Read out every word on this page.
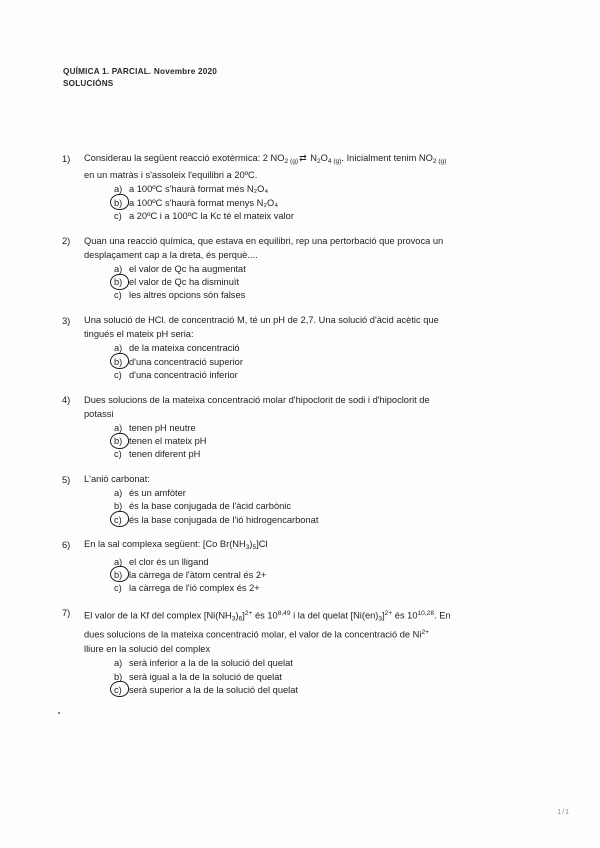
QUÍMICA 1. PARCIAL. Novembre 2020
SOLUCIÓNS
1)	Considerau la següent reacció exotèrmica: 2 $NO_{2 (g)}⇄$ $N_2O_{4 (g)}$. Inicialment tenim $NO_{2 (g)}$
en un matràs i s'assoleix l'equilibri a 20ºC.
a) a 100ºC s'haurà format més N₂O₄
b) a 100ºC s'haurà format menys N₂O₄
c) a 20ºC i a 100ºC la Kc té el mateix valor
2)	Quan una reacció química, que estava en equilibri, rep una pertorbació que provoca un
desplaçament cap a la dreta, és perquè....
a) el valor de Qc ha augmentat
b) el valor de Qc ha disminuït
c) les altres opcions són falses
3)	Una solució de HCl. de concentració M, té un pH de 2,7. Una solució d'àcid acètic que
tingués el mateix pH seria:
a) de la mateixa concentració
b) d'una concentració superior
c) d'una concentració inferior
4)	Dues solucions de la mateixa concentració molar d'hipoclorit de sodi i d'hipoclorit de
potassi
a) tenen pH neutre
b) tenen el mateix pH
c) tenen diferent pH
5)	L'anió carbonat:
a) és un amfòter
b) és la base conjugada de l'àcid carbònic
c) és la base conjugada de l'ió hidrogencarbonat
6)	En la sal complexa següent: [Co $Br(NH_3)_5]Cl$
a) el clor és un lligand
b) la càrrega de l'àtom central és 2+
c) la càrrega de l'ió complex és 2+
7)	El valor de la Kf del complex $[Ni(NH_3)_6]^{2+}$ és 10$^{8,49}$ i la del quelat $[Ni(en)_3]^{2+}$ és 10$^{10,28}$. En
dues solucions de la mateixa concentració molar, el valor de la concentració de $Ni^{2+}$
lliure en la solució del complex
a) serà inferior a la de la solució del quelat
b) serà igual a la de la solució de quelat
c) serà superior a la de la solució del quelat
1/1
